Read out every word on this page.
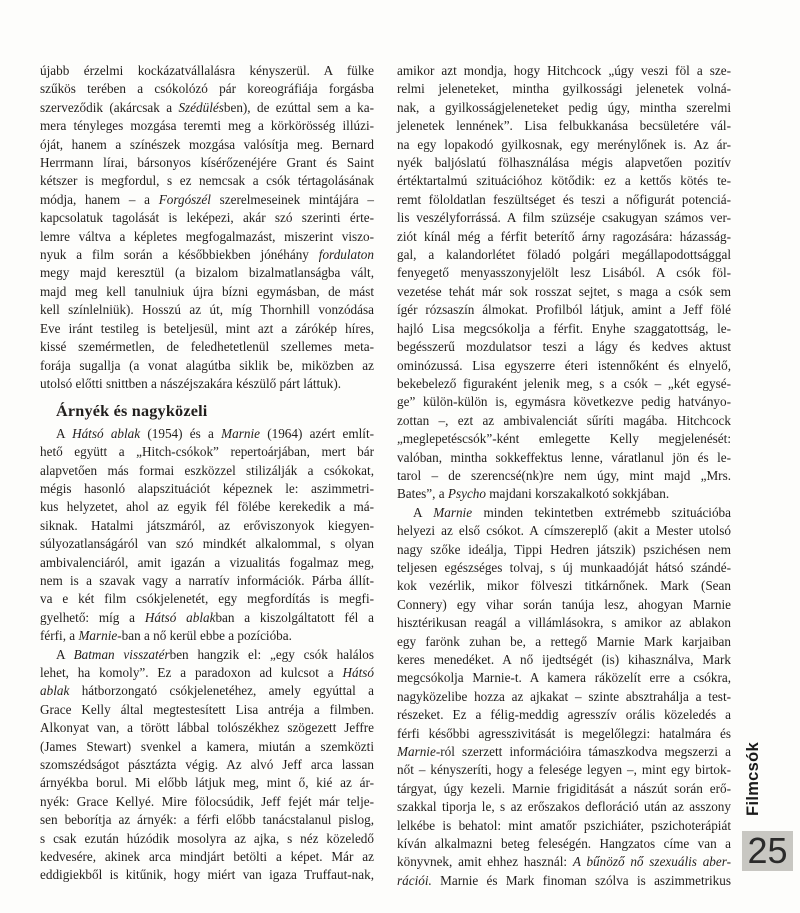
újabb érzelmi kockázatvállalásra kényszerül. A fülke
szűkös terében a csókolózó pár koreográfiája forgásba
szerveződik (akárcsak a Szédülésben), de ezúttal sem a ka-
mera tényleges mozgása teremti meg a körkörösség illúzi-
óját, hanem a színészek mozgása valósítja meg. Bernard
Herrmann lírai, bársonyos kísérőzenéjére Grant és Saint
kétszer is megfordul, s ez nemcsak a csók tértagolásának
módja, hanem – a Forgószél szerelmeseinek mintájára –
kapcsolatuk tagolását is leképezi, akár szó szerinti érte-
lemre váltva a képletes megfogalmazást, miszerint viszo-
nyuk a film során a későbbiekben jónéhány fordulaton
megy majd keresztül (a bizalom bizalmatlanságba vált,
majd meg kell tanulniuk újra bízni egymásban, de mást
kell színlelniük). Hosszú az út, míg Thornhill vonzódása
Eve iránt testileg is beteljesül, mint azt a zárókép híres,
kissé szemérmetlen, de feledhetetlenül szellemes meta-
forája sugallja (a vonat alagútba siklik be, miközben az
utolsó előtti snittben a nászéjszakára készülő párt láttuk).
Árnyék és nagyközeli
A Hátsó ablak (1954) és a Marnie (1964) azért említ-
hető együtt a „Hitch-csókok” repertoárjában, mert bár
alapvetően más formai eszközzel stilizálják a csókokat,
mégis hasonló alapszituációt képeznek le: aszimmetri-
kus helyzetet, ahol az egyik fél fölébe kerekedik a má-
siknak. Hatalmi játszmáról, az erőviszonyok kiegyen-
súlyozatlanságáról van szó mindkét alkalommal, s olyan
ambivalenciáról, amit igazán a vizualitás fogalmaz meg,
nem is a szavak vagy a narratív információk. Párba állít-
va e két film csókjelenetét, egy megfordítás is megfi-
gyelhető: míg a Hátsó ablakban a kiszolgáltatott fél a
férfi, a Marnie-ban a nő kerül ebbe a pozícióba.
A Batman visszatérben hangzik el: „egy csók halálos
lehet, ha komoly”. Ez a paradoxon ad kulcsot a Hátsó
ablak hátborzongató csókjelenetéhez, amely egyúttal a
Grace Kelly által megtestesített Lisa antréja a filmben.
Alkonyat van, a törött lábbal tolószékhez szögezett Jeffre
(James Stewart) svenkel a kamera, miután a szemközti
szomszédságot pásztázta végig. Az alvó Jeff arca lassan
árnyékba borul. Mi előbb látjuk meg, mint ő, kié az ár-
nyék: Grace Kellyé. Mire fölocsúdik, Jeff fejét már telje-
sen beborítja az árnyék: a férfi előbb tanácstalanul pislog,
s csak ezután húzódik mosolyra az ajka, s néz közeledő
kedvesére, akinek arca mindjárt betölti a képet. Már az
eddigiekből is kitűnik, hogy miért van igaza Truffaut-nak,
amikor azt mondja, hogy Hitchcock „úgy veszi föl a sze-
relmi jeleneteket, mintha gyilkossági jelenetek volná-
nak, a gyilkosságjeleneteket pedig úgy, mintha szerelmi
jelenetek lennének”. Lisa felbukkanása becsületére vál-
na egy lopakodó gyilkosnak, egy merénylőnek is. Az ár-
nyék baljóslatú fölhasználása mégis alapvetően pozitív
értéktartalmú szituációhoz kötődik: ez a kettős kötés te-
remt föloldatlan feszültséget és teszi a nőfigurát potenciá-
lis veszélyforrássá. A film szüzséje csakugyan számos ver-
ziót kínál még a férfit beterítő árny ragozására: házasság-
gal, a kalandorlétet föladó polgári megállapodottsággal
fenyegető menyasszonyjelölt lesz Lisából. A csók föl-
vezetése tehát már sok rosszat sejtet, s maga a csók sem
ígér rózsaszín álmokat. Profilból látjuk, amint a Jeff fölé
hajló Lisa megcsókolja a férfit. Enyhe szaggatottság, le-
begésszerű mozdulatsor teszi a lágy és kedves aktust
ominózussá. Lisa egyszerre éteri istennőként és elnyelő,
bekebelező figuraként jelenik meg, s a csók – „két egysé-
ge” külön-külön is, egymásra következve pedig hatványo-
zottan –, ezt az ambivalenciát sűríti magába. Hitchcock
„meglepetéscsók”-ként emlegette Kelly megjelenését:
valóban, mintha sokkeffektus lenne, váratlanul jön és le-
tarol – de szerencsé(nk)re nem úgy, mint majd „Mrs.
Bates”, a Psycho majdani korszakalkotó sokkjában.
A Marnie minden tekintetben extrémebb szituációba
helyezi az első csókot. A címszereplő (akit a Mester utolsó
nagy szőke ideálja, Tippi Hedren játszik) pszichésen nem
teljesen egészséges tolvaj, s új munkaadóját hátsó szándé-
kok vezérlik, mikor fölveszi titkárnőnek. Mark (Sean
Connery) egy vihar során tanúja lesz, ahogyan Marnie
hisztérikusan reagál a villámlásokra, s amikor az ablakon
egy farönk zuhan be, a rettegő Marnie Mark karjaiban
keres menedéket. A nő ijedtségét (is) kihasználva, Mark
megcsókolja Marnie-t. A kamera ráközelít erre a csókra,
nagyközelibe hozza az ajkakat – szinte absztrahálja a test-
részeket. Ez a félig-meddig agresszív orális közeledés a
férfi későbbi agresszivitását is megelőlegzi: hatalmára és
Marnie-ról szerzett információira támaszkodva megszerzi a
nőt – kényszeríti, hogy a felesége legyen –, mint egy birtok-
tárgyat, úgy kezeli. Marnie frigiditását a nászút során erő-
szakkal tiporja le, s az erőszakos defloráció után az asszony
lelkébe is behatol: mint amatőr pszichiáter, pszichoterápiát
kíván alkalmazni beteg feleségén. Hangzatos címe van a
könyvnek, amit ehhez használ: A bűnöző nő szexuális aber-
rációi. Marnie és Mark finoman szólva is aszimmetrikus
Filmcsók
25
